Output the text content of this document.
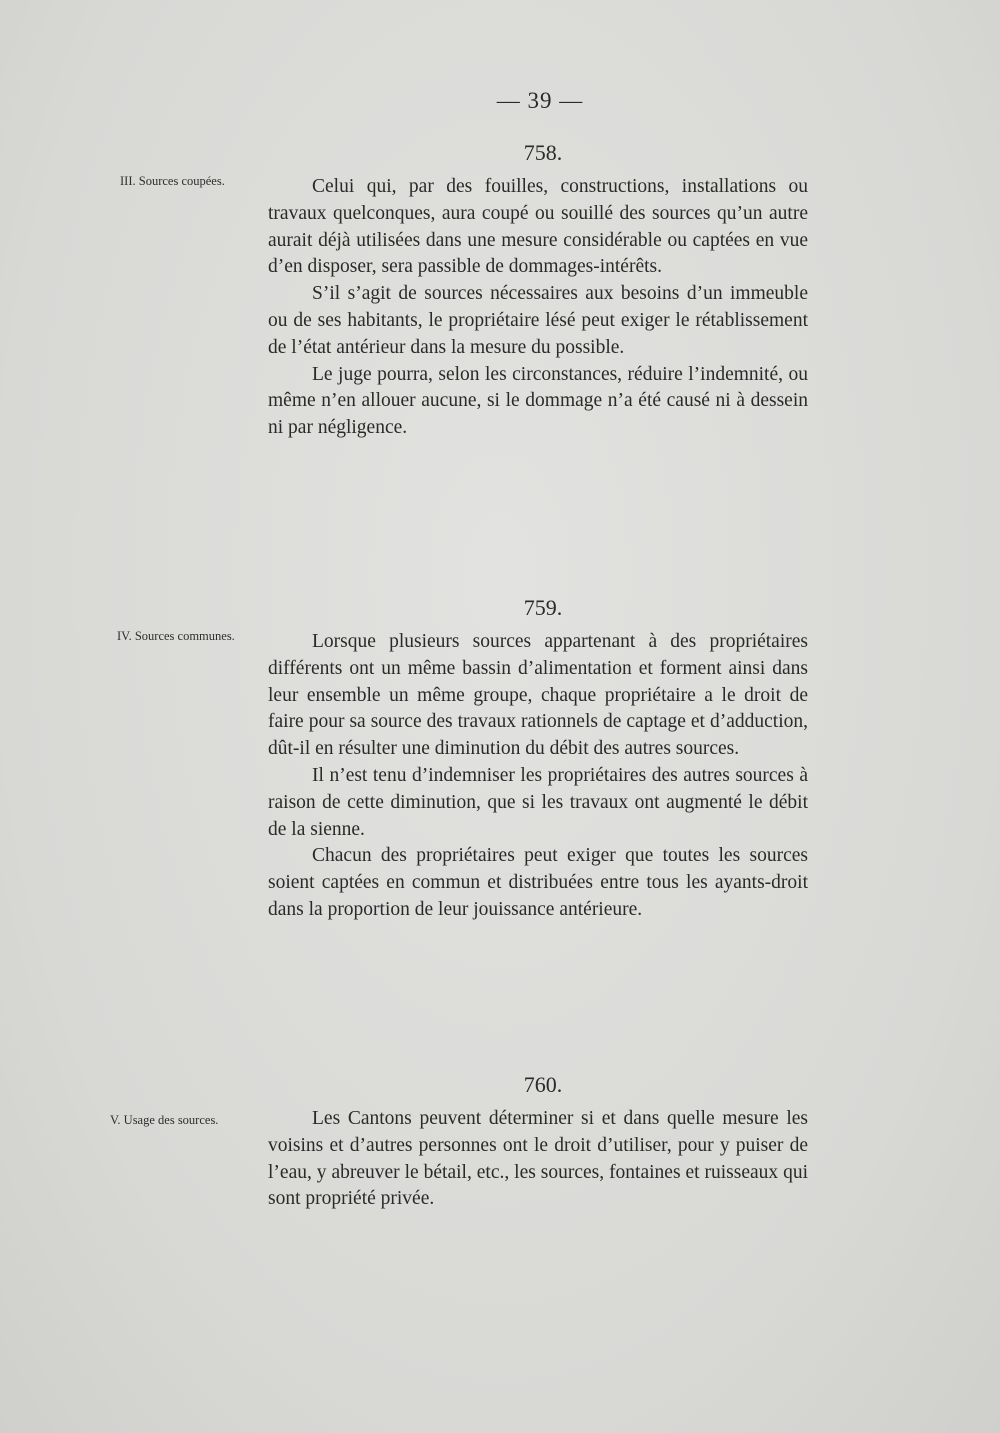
— 39 —
III. Sources coupées.
758.

Celui qui, par des fouilles, constructions, installations ou travaux quelconques, aura coupé ou souillé des sources qu’un autre aurait déjà utilisées dans une mesure considérable ou captées en vue d’en disposer, sera passible de dommages-intérêts.

S’il s’agit de sources nécessaires aux besoins d’un immeuble ou de ses habitants, le propriétaire lésé peut exiger le rétablissement de l’état antérieur dans la mesure du possible.

Le juge pourra, selon les circonstances, réduire l’indemnité, ou même n’en allouer aucune, si le dommage n’a été causé ni à dessein ni par négligence.

IV. Sources communes.
759.

Lorsque plusieurs sources appartenant à des propriétaires différents ont un même bassin d’alimentation et forment ainsi dans leur ensemble un même groupe, chaque propriétaire a le droit de faire pour sa source des travaux rationnels de captage et d’adduction, dût-il en résulter une diminution du débit des autres sources.

Il n’est tenu d’indemniser les propriétaires des autres sources à raison de cette diminution, que si les travaux ont augmenté le débit de la sienne.

Chacun des propriétaires peut exiger que toutes les sources soient captées en commun et distribuées entre tous les ayants-droit dans la proportion de leur jouissance antérieure.

V. Usage des sources.
760.

Les Cantons peuvent déterminer si et dans quelle mesure les voisins et d’autres personnes ont le droit d’utiliser, pour y puiser de l’eau, y abreuver le bétail, etc., les sources, fontaines et ruisseaux qui sont propriété privée.
